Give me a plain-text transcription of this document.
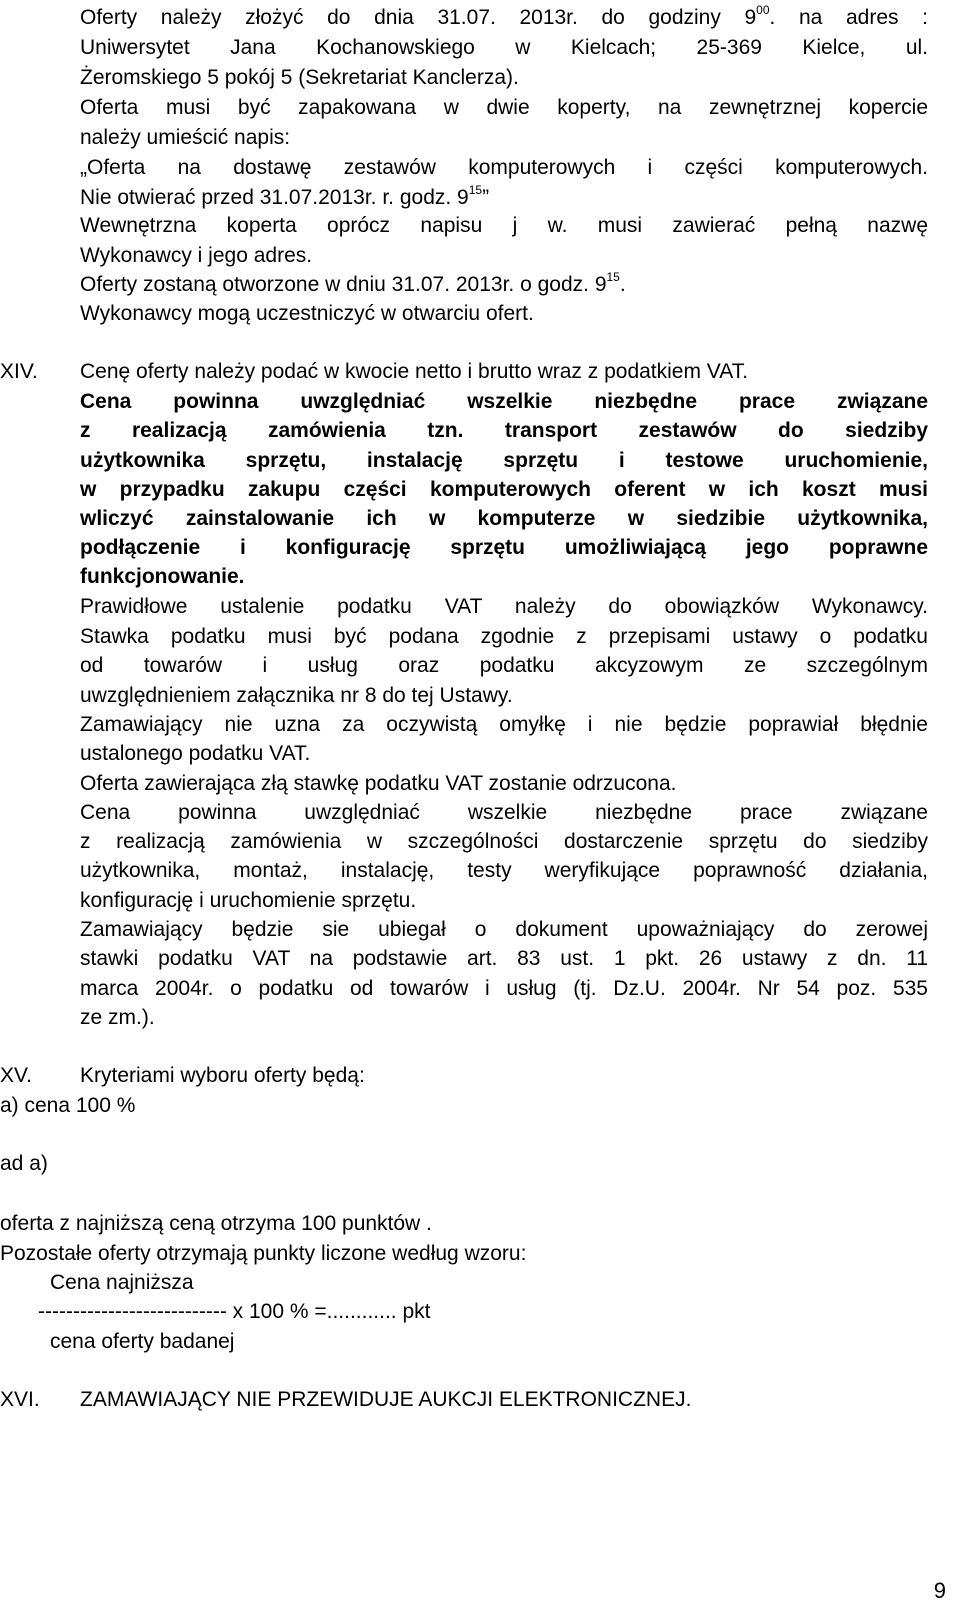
Oferty należy złożyć do dnia 31.07. 2013r. do godziny $9^{00}$. na adres :
Uniwersytet Jana Kochanowskiego w Kielcach; 25-369 Kielce, ul.
Żeromskiego 5 pokój 5 (Sekretariat Kanclerza).
Oferta musi być zapakowana w dwie koperty, na zewnętrznej kopercie
należy umieścić napis:
„Oferta na dostawę zestawów komputerowych i części komputerowych.
Nie otwierać przed 31.07.2013r. r. godz. $9^{15}$”
Wewnętrzna koperta oprócz napisu j w. musi zawierać pełną nazwę
Wykonawcy i jego adres.
Oferty zostaną otworzone w dniu 31.07. 2013r. o godz. $9^{15}$.
Wykonawcy mogą uczestniczyć w otwarciu ofert.
XIV.	Cenę oferty należy podać w kwocie netto i brutto wraz z podatkiem VAT.
Cena powinna uwzględniać wszelkie niezbędne prace związane
z realizacją zamówienia tzn. transport zestawów do siedziby
użytkownika sprzętu, instalację sprzętu i testowe uruchomienie,
w przypadku zakupu części komputerowych oferent w ich koszt musi
wliczyć zainstalowanie ich w komputerze w siedzibie użytkownika,
podłączenie i konfigurację sprzętu umożliwiającą jego poprawne
funkcjonowanie.
Prawidłowe ustalenie podatku VAT należy do obowiązków Wykonawcy.
Stawka podatku musi być podana zgodnie z przepisami ustawy o podatku
od towarów i usług oraz podatku akcyzowym ze szczególnym
uwzględnieniem załącznika nr 8 do tej Ustawy.
Zamawiający nie uzna za oczywistą omyłkę i nie będzie poprawiał błędnie
ustalonego podatku VAT.
Oferta zawierająca złą stawkę podatku VAT zostanie odrzucona.
Cena powinna uwzględniać wszelkie niezbędne prace związane
z realizacją zamówienia w szczególności dostarczenie sprzętu do siedziby
użytkownika, montaż, instalację, testy weryfikujące poprawność działania,
konfigurację i uruchomienie sprzętu.
Zamawiający będzie sie ubiegał o dokument upoważniający do zerowej
stawki podatku VAT na podstawie art. 83 ust. 1 pkt. 26 ustawy z dn. 11
marca 2004r. o podatku od towarów i usług (tj. Dz.U. 2004r. Nr 54 poz. 535
ze zm.).
XV.	Kryteriami wyboru oferty będą:
a) cena 100 %
ad a)
oferta z najniższą ceną otrzyma 100 punktów .
Pozostałe oferty otrzymają punkty liczone według wzoru:
Cena najniższa
--------------------------- x 100 % =............ pkt
cena oferty badanej
XVI.	ZAMAWIAJĄCY NIE PRZEWIDUJE AUKCJI ELEKTRONICZNEJ.
9
